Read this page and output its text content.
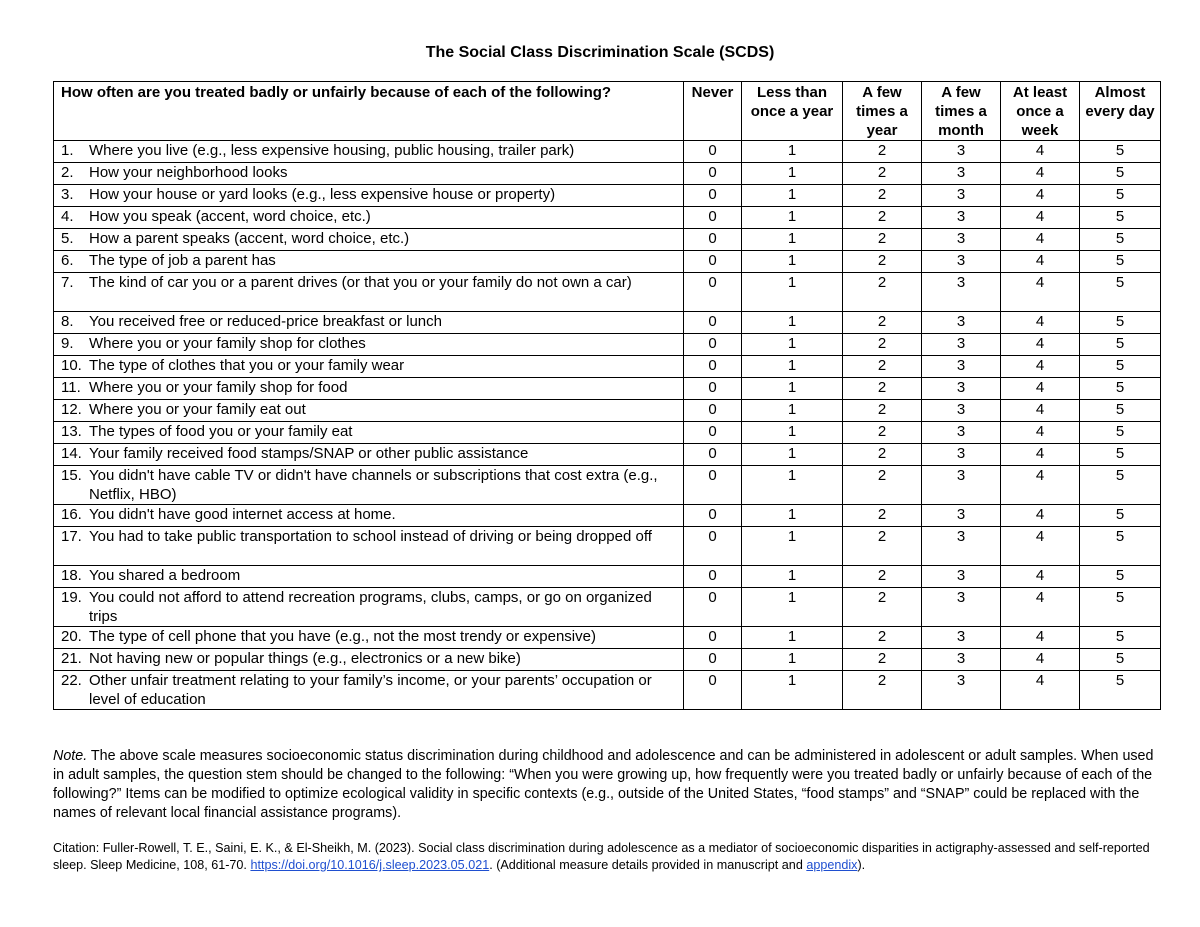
The Social Class Discrimination Scale (SCDS)
How often are you treated badly or unfairly because of each of the following?	Never	Less than once a year	A few times a year	A few times a month	At least once a week	Almost every day

1. Where you live (e.g., less expensive housing, public housing, trailer park)	0	1	2	3	4	5

2. How your neighborhood looks	0	1	2	3	4	5

3. How your house or yard looks (e.g., less expensive house or property)	0	1	2	3	4	5

4. How you speak (accent, word choice, etc.)	0	1	2	3	4	5

5. How a parent speaks (accent, word choice, etc.)	0	1	2	3	4	5

6. The type of job a parent has	0	1	2	3	4	5

7. The kind of car you or a parent drives (or that you or your family do not own a car)	0	1	2	3	4	5

8. You received free or reduced-price breakfast or lunch	0	1	2	3	4	5

9. Where you or your family shop for clothes	0	1	2	3	4	5

10. The type of clothes that you or your family wear	0	1	2	3	4	5

11. Where you or your family shop for food	0	1	2	3	4	5

12. Where you or your family eat out	0	1	2	3	4	5

13. The types of food you or your family eat	0	1	2	3	4	5

14. Your family received food stamps/SNAP or other public assistance	0	1	2	3	4	5

15. You didn't have cable TV or didn't have channels or subscriptions that cost extra (e.g., Netflix, HBO)	0	1	2	3	4	5

16. You didn't have good internet access at home.	0	1	2	3	4	5

17. You had to take public transportation to school instead of driving or being dropped off	0	1	2	3	4	5

18. You shared a bedroom	0	1	2	3	4	5

19. You could not afford to attend recreation programs, clubs, camps, or go on organized trips	0	1	2	3	4	5

20. The type of cell phone that you have (e.g., not the most trendy or expensive)	0	1	2	3	4	5

21. Not having new or popular things (e.g., electronics or a new bike)	0	1	2	3	4	5

22. Other unfair treatment relating to your family’s income, or your parents’ occupation or level of education	0	1	2	3	4	5
Note. The above scale measures socioeconomic status discrimination during childhood and adolescence and can be administered in adolescent or adult samples. When used in adult samples, the question stem should be changed to the following: “When you were growing up, how frequently were you treated badly or unfairly because of each of the following?” Items can be modified to optimize ecological validity in specific contexts (e.g., outside of the United States, “food stamps” and “SNAP” could be replaced with the names of relevant local financial assistance programs).
Citation: Fuller-Rowell, T. E., Saini, E. K., & El-Sheikh, M. (2023). Social class discrimination during adolescence as a mediator of socioeconomic disparities in actigraphy-assessed and self-reported sleep. Sleep Medicine, 108, 61-70. https://doi.org/10.1016/j.sleep.2023.05.021. (Additional measure details provided in manuscript and appendix).
